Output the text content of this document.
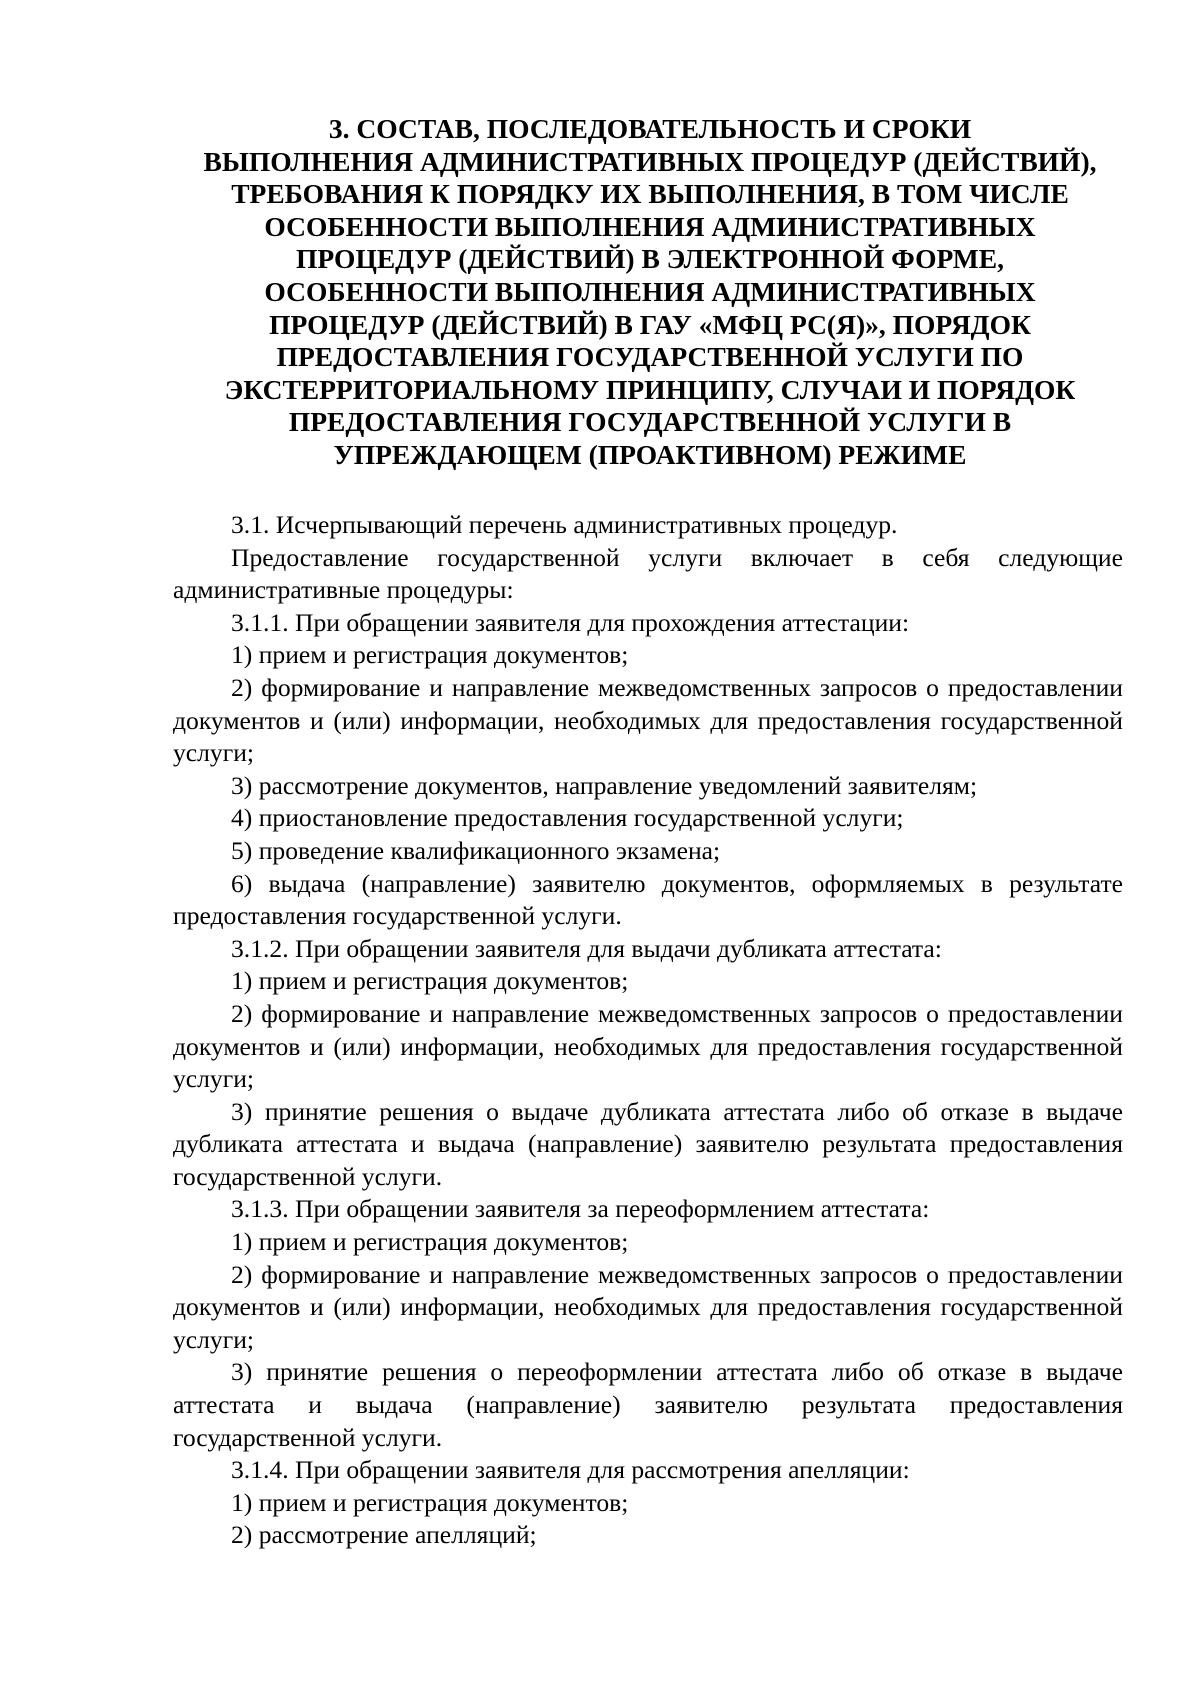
3. СОСТАВ, ПОСЛЕДОВАТЕЛЬНОСТЬ И СРОКИ
ВЫПОЛНЕНИЯ АДМИНИСТРАТИВНЫХ ПРОЦЕДУР (ДЕЙСТВИЙ),
ТРЕБОВАНИЯ К ПОРЯДКУ ИХ ВЫПОЛНЕНИЯ, В ТОМ ЧИСЛЕ
ОСОБЕННОСТИ ВЫПОЛНЕНИЯ АДМИНИСТРАТИВНЫХ
ПРОЦЕДУР (ДЕЙСТВИЙ) В ЭЛЕКТРОННОЙ ФОРМЕ,
ОСОБЕННОСТИ ВЫПОЛНЕНИЯ АДМИНИСТРАТИВНЫХ
ПРОЦЕДУР (ДЕЙСТВИЙ) В ГАУ «МФЦ РС(Я)», ПОРЯДОК
ПРЕДОСТАВЛЕНИЯ ГОСУДАРСТВЕННОЙ УСЛУГИ ПО
ЭКСТЕРРИТОРИАЛЬНОМУ ПРИНЦИПУ, СЛУЧАИ И ПОРЯДОК
ПРЕДОСТАВЛЕНИЯ ГОСУДАРСТВЕННОЙ УСЛУГИ В
УПРЕЖДАЮЩЕМ (ПРОАКТИВНОМ) РЕЖИМЕ

3.1. Исчерпывающий перечень административных процедур.

Предоставление государственной услуги включает в себя следующие административные процедуры:

3.1.1. При обращении заявителя для прохождения аттестации:

1) прием и регистрация документов;

2) формирование и направление межведомственных запросов о предоставлении документов и (или) информации, необходимых для предоставления государственной услуги;

3) рассмотрение документов, направление уведомлений заявителям;

4) приостановление предоставления государственной услуги;

5) проведение квалификационного экзамена;

6) выдача (направление) заявителю документов, оформляемых в результате предоставления государственной услуги.

3.1.2. При обращении заявителя для выдачи дубликата аттестата:

1) прием и регистрация документов;

2) формирование и направление межведомственных запросов о предоставлении документов и (или) информации, необходимых для предоставления государственной услуги;

3) принятие решения о выдаче дубликата аттестата либо об отказе в выдаче дубликата аттестата и выдача (направление) заявителю результата предоставления государственной услуги.

3.1.3. При обращении заявителя за переоформлением аттестата:

1) прием и регистрация документов;

2) формирование и направление межведомственных запросов о предоставлении документов и (или) информации, необходимых для предоставления государственной услуги;

3) принятие решения о переоформлении аттестата либо об отказе в выдаче аттестата и выдача (направление) заявителю результата предоставления государственной услуги.

3.1.4. При обращении заявителя для рассмотрения апелляции:

1) прием и регистрация документов;

2) рассмотрение апелляций;
